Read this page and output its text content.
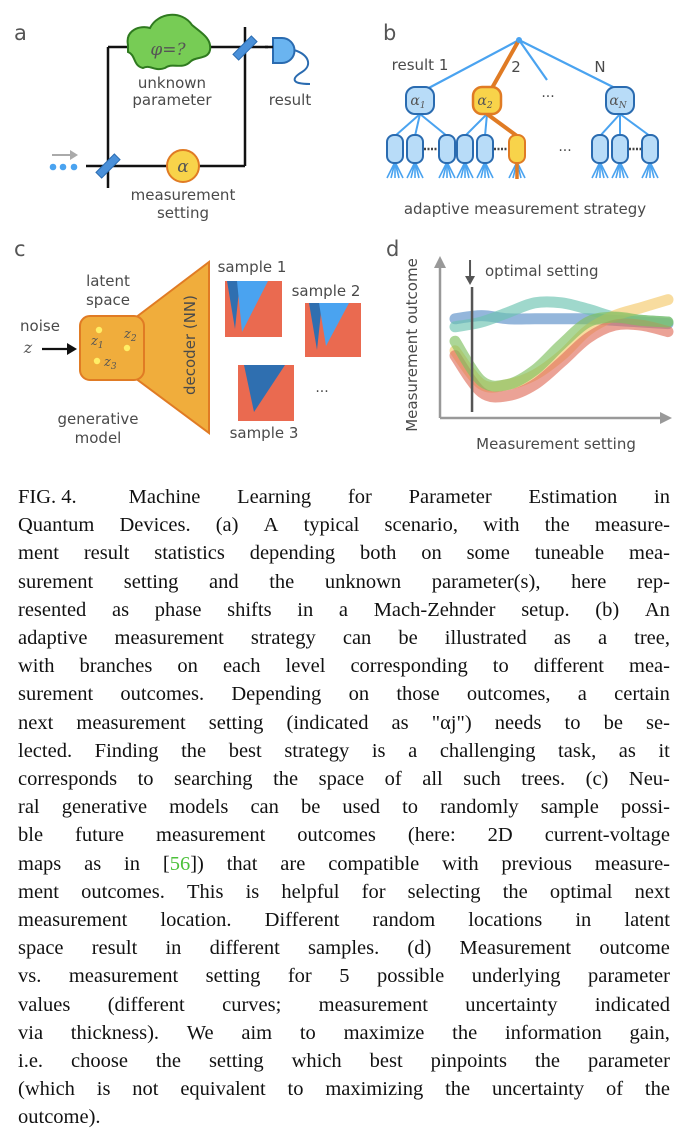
a
φ=?
unknown
parameter	result
α
measurement
setting
b
result 1	2	N
···
···
$\alpha_1$	$\alpha_2$	$\alpha_N$
adaptive measurement strategy
c
latent
space
noise
z	$z_1$
$z_2$
$z_3$	decoder (NN)
generative
model
sample 1
sample 2
sample 3
···
d
optimal setting
Measurement outcome
Measurement setting
FIG. 4.	Machine Learning for Parameter Estimation in
Quantum Devices. (a) A typical scenario, with the measure-
ment result statistics depending both on some tuneable mea-
surement setting and the unknown parameter(s), here rep-
resented as phase shifts in a Mach-Zehnder setup. (b) An
adaptive measurement strategy can be illustrated as a tree,
with branches on each level corresponding to different mea-
surement outcomes. Depending on those outcomes, a certain
next measurement setting (indicated as "αj") needs to be se-
lected. Finding the best strategy is a challenging task, as it
corresponds to searching the space of all such trees. (c) Neu-
ral generative models can be used to randomly sample possi-
ble future measurement outcomes (here: 2D current-voltage
maps as in [56]) that are compatible with previous measure-
ment outcomes. This is helpful for selecting the optimal next
measurement location. Different random locations in latent
space result in different samples. (d) Measurement outcome
vs. measurement setting for 5 possible underlying parameter
values (different curves; measurement uncertainty indicated
via thickness). We aim to maximize the information gain,
i.e. choose the setting which best pinpoints the parameter
(which is not equivalent to maximizing the uncertainty of the
outcome).
